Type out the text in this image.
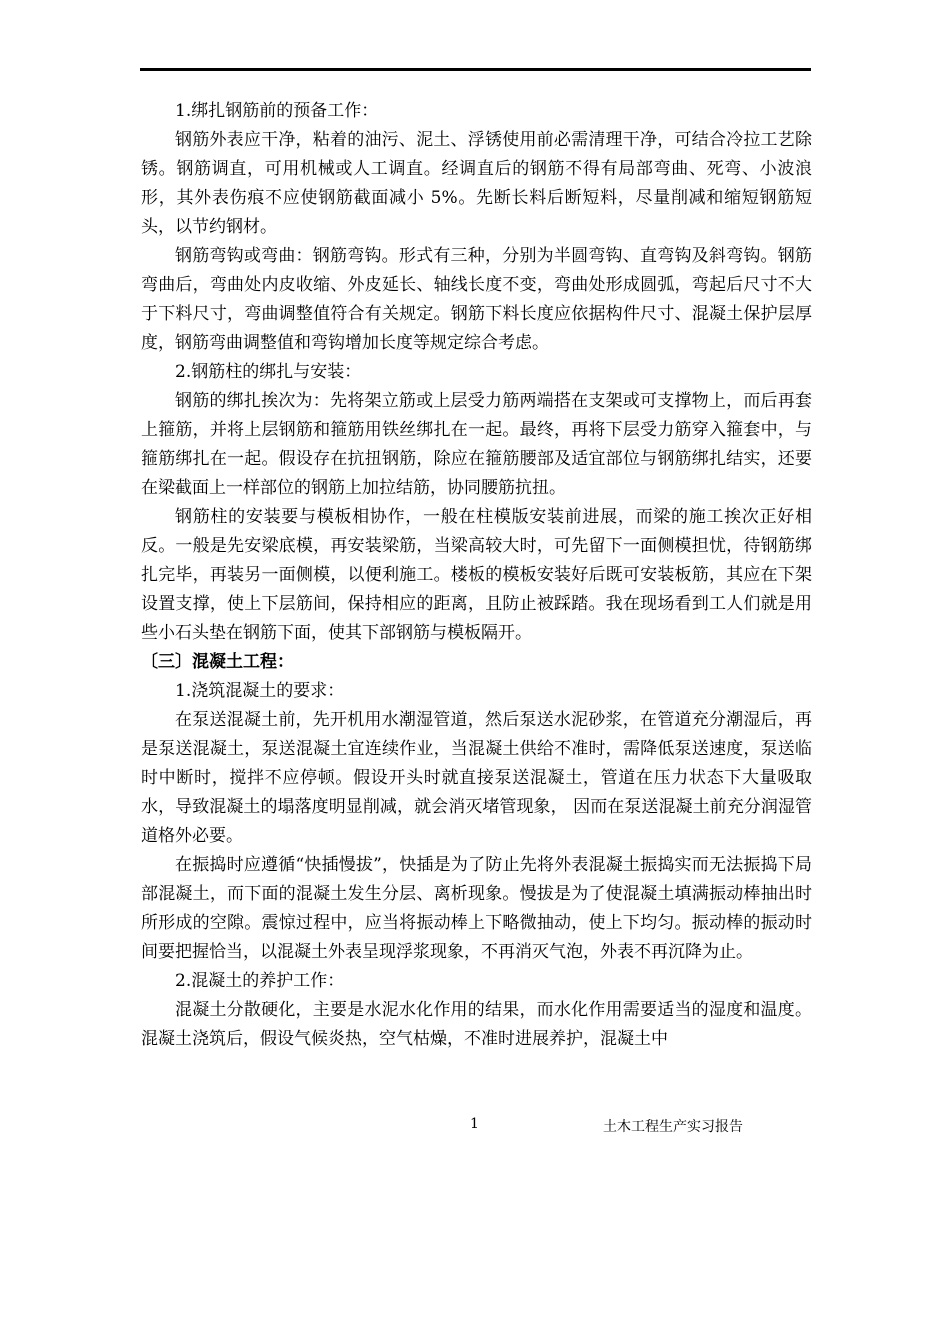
1.绑扎钢筋前的预备工作：

钢筋外表应干净，粘着的油污、泥土、浮锈使用前必需清理干净，可结合冷拉工艺除锈。钢筋调直，可用机械或人工调直。经调直后的钢筋不得有局部弯曲、死弯、小波浪形，其外表伤痕不应使钢筋截面减小 5%。先断长料后断短料，尽量削减和缩短钢筋短头，以节约钢材。

钢筋弯钩或弯曲：钢筋弯钩。形式有三种，分别为半圆弯钩、直弯钩及斜弯钩。钢筋弯曲后，弯曲处内皮收缩、外皮延长、轴线长度不变，弯曲处形成圆弧，弯起后尺寸不大于下料尺寸，弯曲调整值符合有关规定。钢筋下料长度应依据构件尺寸、混凝土保护层厚度，钢筋弯曲调整值和弯钩增加长度等规定综合考虑。

2.钢筋柱的绑扎与安装：

钢筋的绑扎挨次为：先将架立筋或上层受力筋两端搭在支架或可支撑物上，而后再套上箍筋，并将上层钢筋和箍筋用铁丝绑扎在一起。最终，再将下层受力筋穿入箍套中，与箍筋绑扎在一起。假设存在抗扭钢筋，除应在箍筋腰部及适宜部位与钢筋绑扎结实，还要在梁截面上一样部位的钢筋上加拉结筋，协同腰筋抗扭。

钢筋柱的安装要与模板相协作，一般在柱模版安装前进展，而梁的施工挨次正好相反。一般是先安梁底模，再安装梁筋，当梁高较大时，可先留下一面侧模担忧，待钢筋绑扎完毕，再装另一面侧模，以便利施工。楼板的模板安装好后既可安装板筋，其应在下架设置支撑，使上下层筋间，保持相应的距离，且防止被踩踏。我在现场看到工人们就是用些小石头垫在钢筋下面，使其下部钢筋与模板隔开。

〔三〕混凝土工程：

1.浇筑混凝土的要求：

在泵送混凝土前，先开机用水潮湿管道，然后泵送水泥砂浆，在管道充分潮湿后，再是泵送混凝土，泵送混凝土宜连续作业，当混凝土供给不准时，需降低泵送速度，泵送临时中断时，搅拌不应停顿。假设开头时就直接泵送混凝土，管道在压力状态下大量吸取水，导致混凝土的塌落度明显削减，就会消灭堵管现象， 因而在泵送混凝土前充分润湿管道格外必要。

在振捣时应遵循“快插慢拔”，快插是为了防止先将外表混凝土振捣实而无法振捣下局部混凝土，而下面的混凝土发生分层、离析现象。慢拔是为了使混凝土填满振动棒抽出时所形成的空隙。震惊过程中，应当将振动棒上下略微抽动，使上下均匀。振动棒的振动时间要把握恰当，以混凝土外表呈现浮浆现象，不再消灭气泡，外表不再沉降为止。

2.混凝土的养护工作：

混凝土分散硬化，主要是水泥水化作用的结果，而水化作用需要适当的湿度和温度。混凝土浇筑后，假设气候炎热，空气枯燥，不准时进展养护，混凝土中

1	土木工程生产实习报告
